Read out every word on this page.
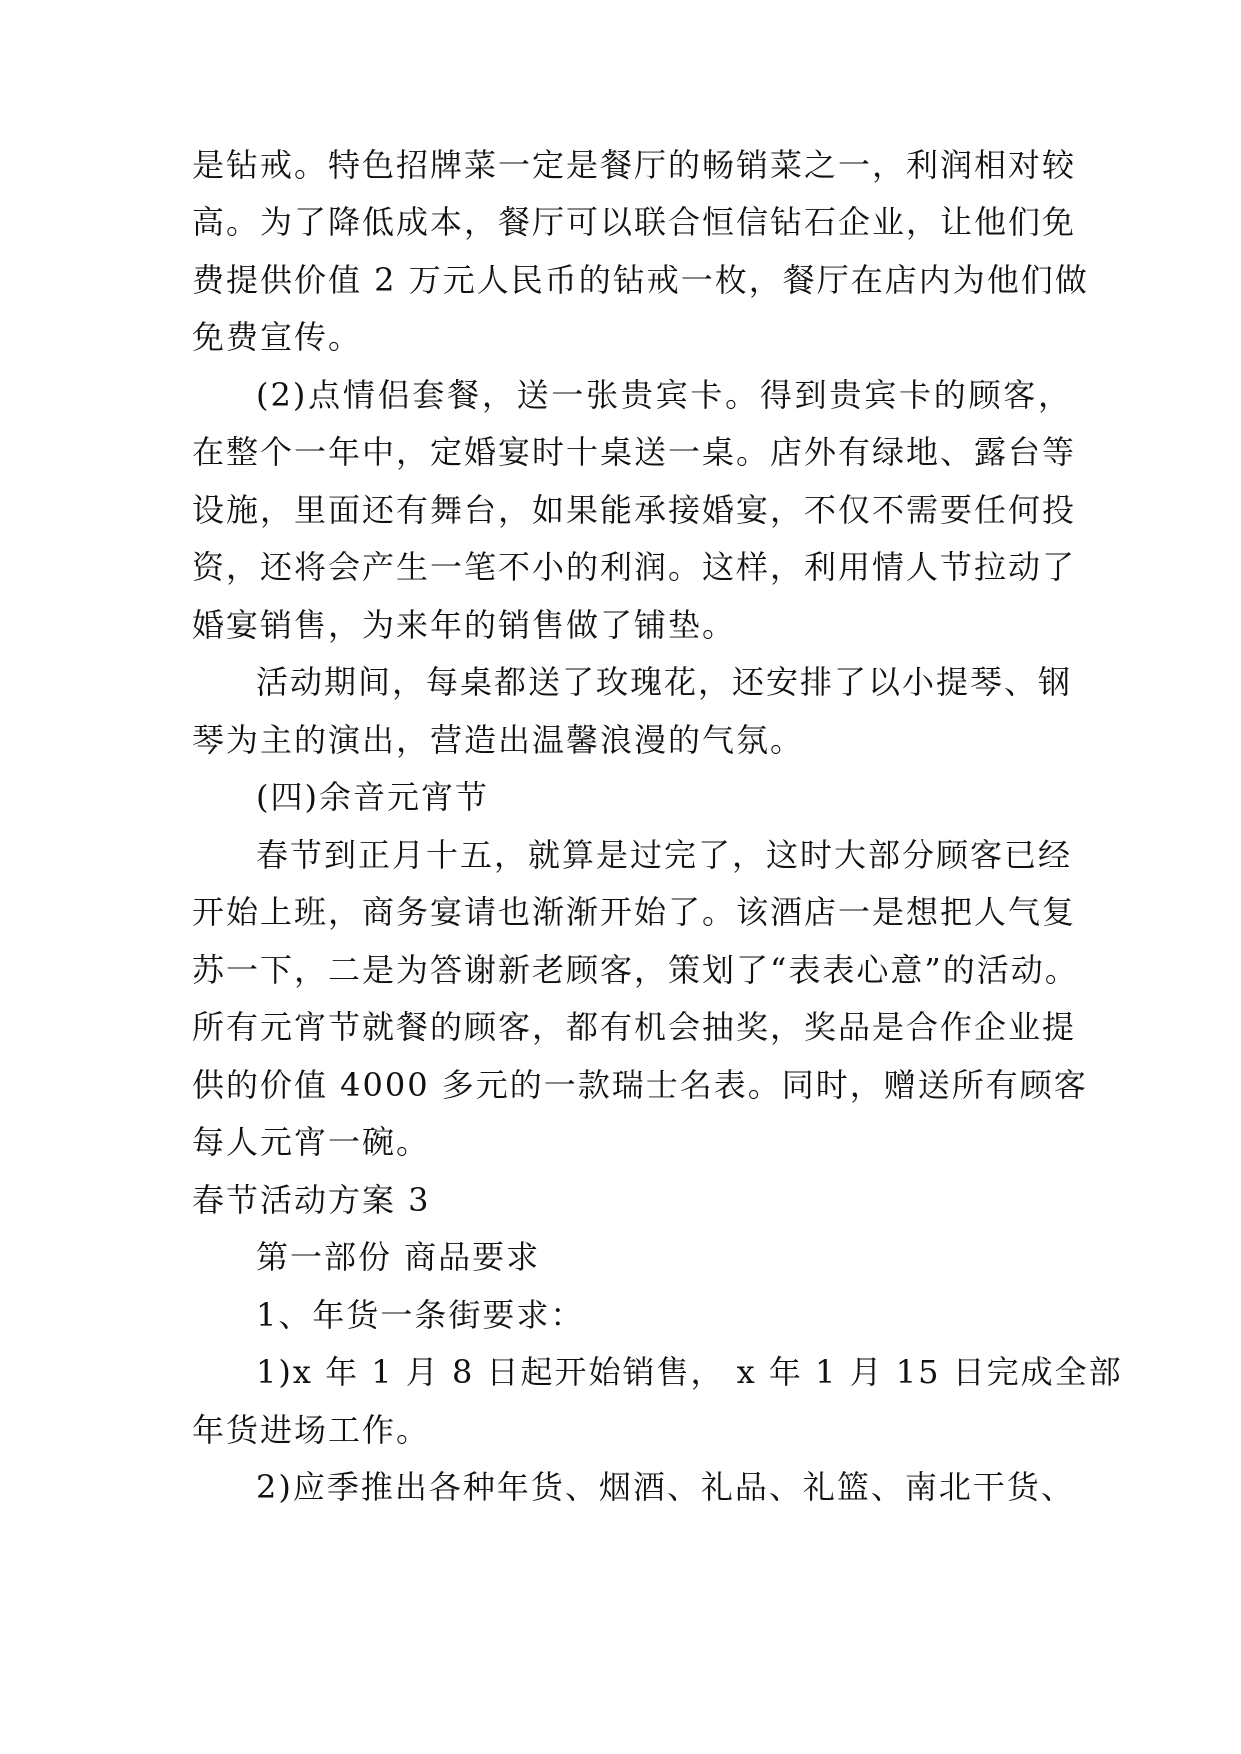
是钻戒。特色招牌菜一定是餐厅的畅销菜之一，利润相对较
高。为了降低成本，餐厅可以联合恒信钻石企业，让他们免
费提供价值 2 万元人民币的钻戒一枚，餐厅在店内为他们做
免费宣传。
(2)点情侣套餐，送一张贵宾卡。得到贵宾卡的顾客，
在整个一年中，定婚宴时十桌送一桌。店外有绿地、露台等
设施，里面还有舞台，如果能承接婚宴，不仅不需要任何投
资，还将会产生一笔不小的利润。这样，利用情人节拉动了
婚宴销售，为来年的销售做了铺垫。
活动期间，每桌都送了玫瑰花，还安排了以小提琴、钢
琴为主的演出，营造出温馨浪漫的气氛。
(四)余音元宵节
春节到正月十五，就算是过完了，这时大部分顾客已经
开始上班，商务宴请也渐渐开始了。该酒店一是想把人气复
苏一下，二是为答谢新老顾客，策划了“表表心意”的活动。
所有元宵节就餐的顾客，都有机会抽奖，奖品是合作企业提
供的价值 4000 多元的一款瑞士名表。同时，赠送所有顾客
每人元宵一碗。
春节活动方案 3
第一部份 商品要求
1、年货一条街要求：
1)x 年 1 月 8 日起开始销售， x 年 1 月 15 日完成全部
年货进场工作。
2)应季推出各种年货、烟酒、礼品、礼篮、南北干货、
